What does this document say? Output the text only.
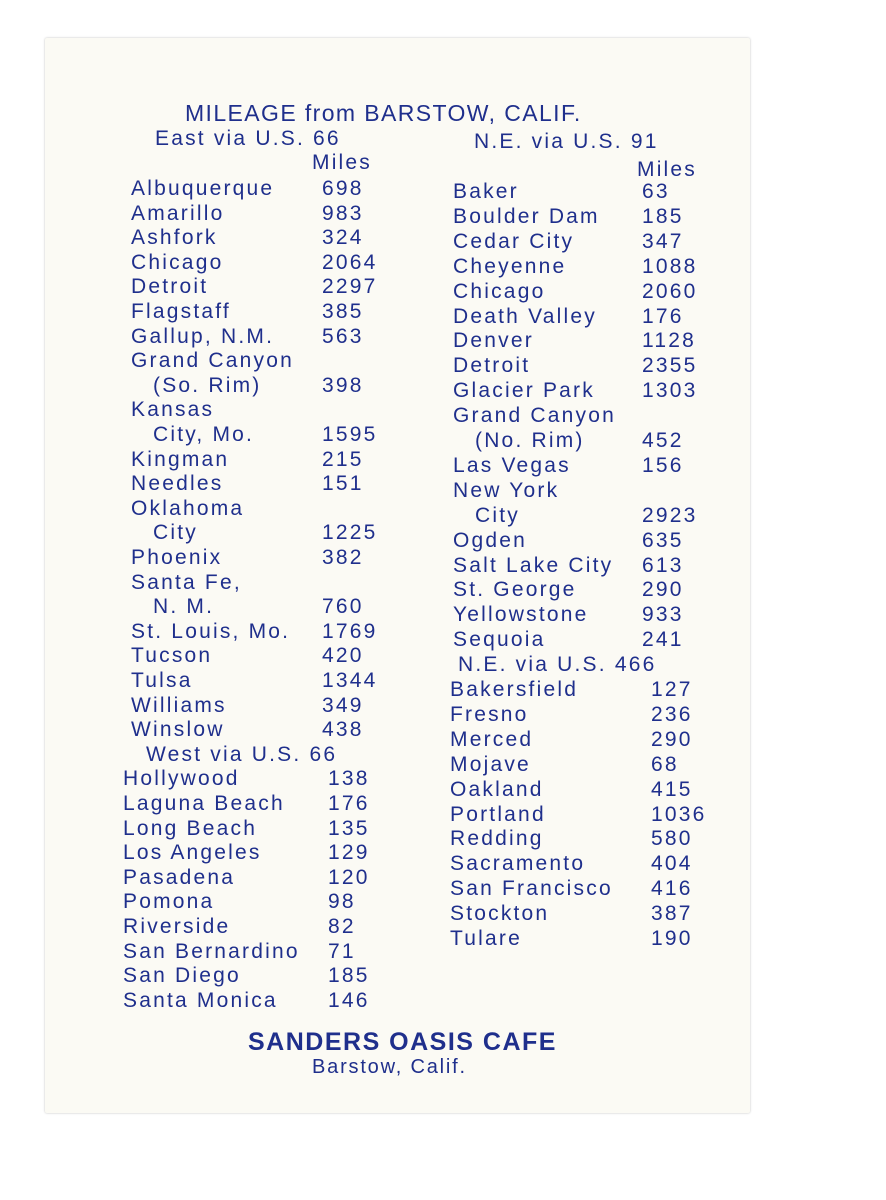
MILEAGE from BARSTOW, CALIF.
East via U.S. 66
Miles
Albuquerque 698
Amarillo	983
Ashfork	324
Chicago	2064
Detroit	2297
Flagstaff	385
Gallup, N.M. 563
Grand Canyon
(So. Rim)	398
Kansas
City, Mo.	1595
Kingman	215
Needles	151
Oklahoma
City	1225
Phoenix	382
Santa Fe,
N. M.	760
St. Louis, Mo. 1769
Tucson	420
Tulsa	1344
Williams	349
Winslow	438
West via U.S. 66
Hollywood	138
Laguna Beach 176
Long Beach	135
Los Angeles	129
Pasadena	120
Pomona	98
Riverside	82
San Bernardino 71
San Diego	185
Santa Monica 146
N.E. via U.S. 91
Miles
Baker	63
Boulder Dam 185
Cedar City	347
Cheyenne	1088
Chicago	2060
Death Valley 176
Denver	1128
Detroit	2355
Glacier Park 1303
Grand Canyon
(No. Rim)	452
Las Vegas	156
New York
City	2923
Ogden	635
Salt Lake City 613
St. George	290
Yellowstone	933
Sequoia	241
N.E. via U.S. 466
Bakersfield	127
Fresno	236
Merced	290
Mojave	68
Oakland	415
Portland	1036
Redding	580
Sacramento	404
San Francisco 416
Stockton	387
Tulare	190
SANDERS OASIS CAFE
Barstow, Calif.
